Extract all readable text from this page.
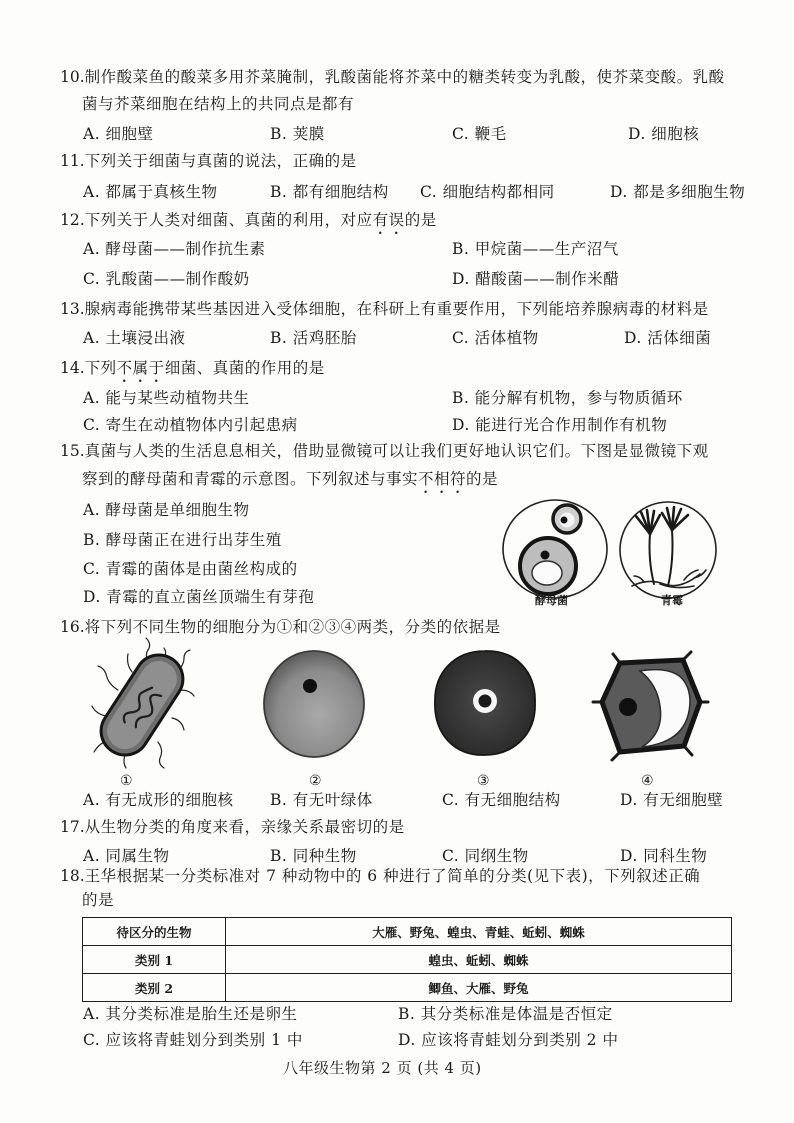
10.制作酸菜鱼的酸菜多用芥菜腌制，乳酸菌能将芥菜中的糖类转变为乳酸，使芥菜变酸。乳酸
菌与芥菜细胞在结构上的共同点是都有
A. 细胞壁	B. 荚膜	C. 鞭毛	D. 细胞核
11.下列关于细菌与真菌的说法，正确的是
A. 都属于真核生物	B. 都有细胞结构 C. 细胞结构都相同	D. 都是多细胞生物
12.下列关于人类对细菌、真菌的利用，对应有误的是
A. 酵母菌——制作抗生素	B. 甲烷菌——生产沼气
C. 乳酸菌——制作酸奶	D. 醋酸菌——制作米醋
13.腺病毒能携带某些基因进入受体细胞，在科研上有重要作用，下列能培养腺病毒的材料是
A. 土壤浸出液	B. 活鸡胚胎	C. 活体植物	D. 活体细菌
14.下列不属于细菌、真菌的作用的是
A. 能与某些动植物共生	B. 能分解有机物，参与物质循环
C. 寄生在动植物体内引起患病	D. 能进行光合作用制作有机物
15.真菌与人类的生活息息相关，借助显微镜可以让我们更好地认识它们。下图是显微镜下观
察到的酵母菌和青霉的示意图。下列叙述与事实不相符的是
A. 酵母菌是单细胞生物
B. 酵母菌正在进行出芽生殖
C. 青霉的菌体是由菌丝构成的
D. 青霉的直立菌丝顶端生有芽孢	酵母菌	青霉
16.将下列不同生物的细胞分为①和②③④两类，分类的依据是
①	②	③	④
A. 有无成形的细胞核 B. 有无叶绿体	C. 有无细胞结构	D. 有无细胞壁
17.从生物分类的角度来看，亲缘关系最密切的是
A. 同属生物	B. 同种生物	C. 同纲生物	D. 同科生物
18.王华根据某一分类标准对 7 种动物中的 6 种进行了简单的分类(见下表)，下列叙述正确
的是
待区分的生物	大雁、野兔、蝗虫、青蛙、蚯蚓、蜘蛛
类别 1	蝗虫、蚯蚓、蜘蛛
类别 2	鲫鱼、大雁、野兔
A. 其分类标准是胎生还是卵生	B. 其分类标准是体温是否恒定
C. 应该将青蛙划分到类别 1 中	D. 应该将青蛙划分到类别 2 中
八年级生物第 2 页 (共 4 页)
